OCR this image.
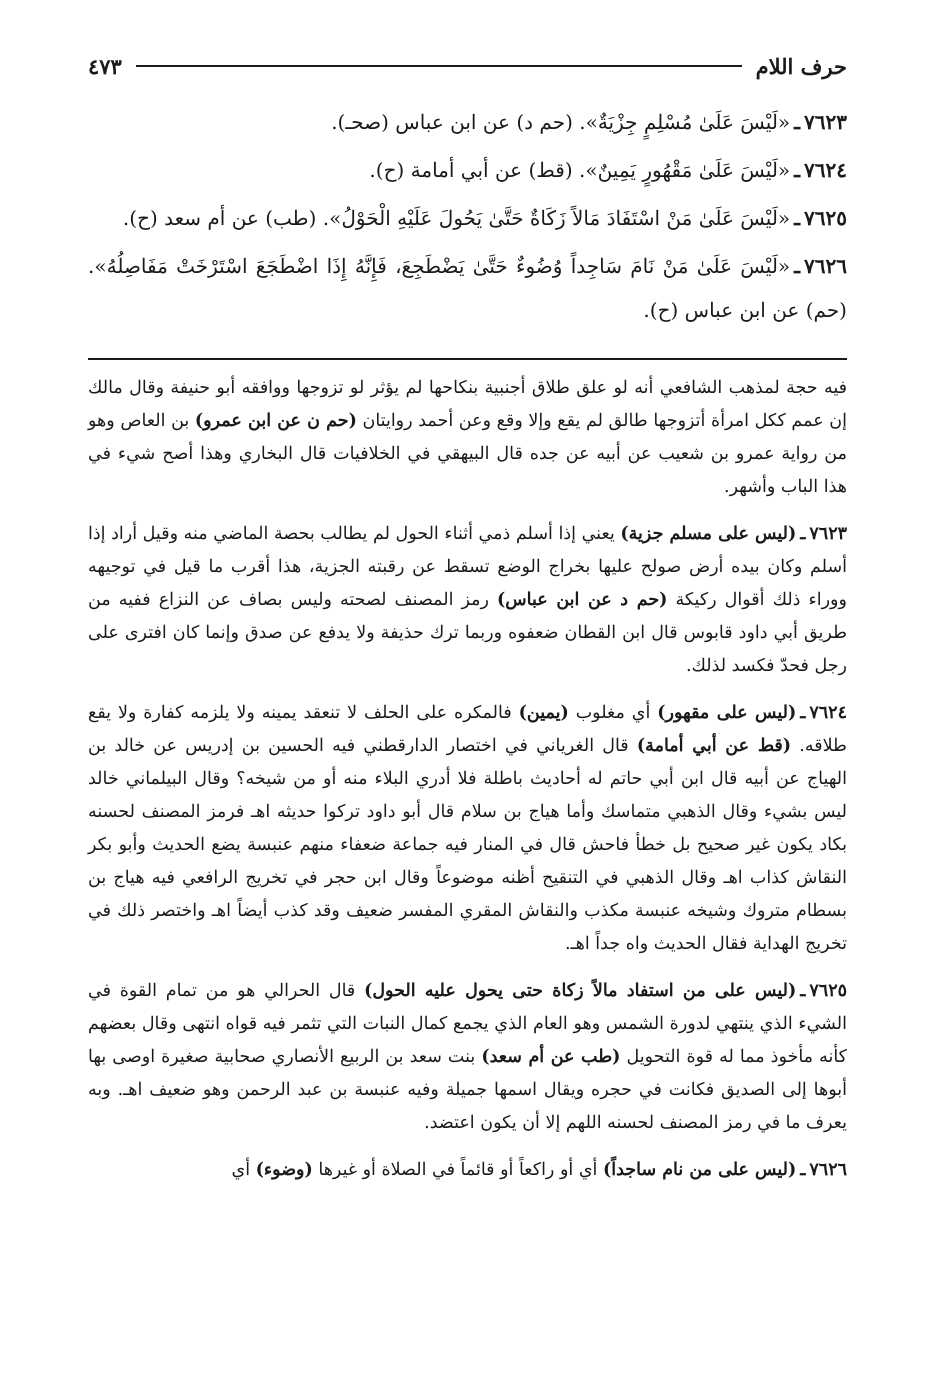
حرف اللام
٤٧٣

٧٦٢٣ـ«لَيْسَ عَلَىٰ مُسْلِمٍ جِزْيَةٌ». (حم د) عن ابن عباس (صحـ).

٧٦٢٤ـ«لَيْسَ عَلَىٰ مَقْهُورٍ يَمِينٌ». (قط) عن أبي أمامة (ح).

٧٦٢٥ـ«لَيْسَ عَلَىٰ مَنْ اسْتَفَادَ مَالاً زَكَاةٌ حَتَّىٰ يَحُولَ عَلَيْهِ الْحَوْلُ». (طب) عن أم سعد (ح).

٧٦٢٦ـ«لَيْسَ عَلَىٰ مَنْ نَامَ سَاجِداً وُضُوءٌ حَتَّىٰ يَضْطَجِعَ، فَإِنَّهُ إِذَا اضْطَجَعَ اسْتَرْخَتْ مَفَاصِلُهُ». (حم) عن ابن عباس (ح).

فيه حجة لمذهب الشافعي أنه لو علق طلاق أجنبية بنكاحها لم يؤثر لو تزوجها ووافقه أبو حنيفة وقال مالك إن عمم ككل امرأة أتزوجها طالق لم يقع وإلا وقع وعن أحمد روايتان (حم ن عن ابن عمرو) بن العاص وهو من رواية عمرو بن شعيب عن أبيه عن جده قال البيهقي في الخلافيات قال البخاري وهذا أصح شيء في هذا الباب وأشهر.

٧٦٢٣ـ(ليس على مسلم جزية) يعني إذا أسلم ذمي أثناء الحول لم يطالب بحصة الماضي منه وقيل أراد إذا أسلم وكان بيده أرض صولح عليها بخراج الوضع تسقط عن رقبته الجزية، هذا أقرب ما قيل في توجيهه ووراء ذلك أقوال ركيكة (حم د عن ابن عباس) رمز المصنف لصحته وليس بصاف عن النزاع ففيه من طريق أبي داود قابوس قال ابن القطان ضعفوه وربما ترك حذيفة ولا يدفع عن صدق وإنما كان افترى على رجل فحدّ فكسد لذلك.

٧٦٢٤ـ(ليس على مقهور) أي مغلوب (يمين) فالمكره على الحلف لا تنعقد يمينه ولا يلزمه كفارة ولا يقع طلاقه. (قط عن أبي أمامة) قال الغرياني في اختصار الدارقطني فيه الحسين بن إدريس عن خالد بن الهياج عن أبيه قال ابن أبي حاتم له أحاديث باطلة فلا أدري البلاء منه أو من شيخه؟ وقال البيلماني خالد ليس بشيء وقال الذهبي متماسك وأما هياج بن سلام قال أبو داود تركوا حديثه اهـ فرمز المصنف لحسنه بكاد يكون غير صحيح بل خطأ فاحش قال في المنار فيه جماعة ضعفاء منهم عنبسة يضع الحديث وأبو بكر النقاش كذاب اهـ وقال الذهبي في التنقيح أظنه موضوعاً وقال ابن حجر في تخريج الرافعي فيه هياج بن بسطام متروك وشيخه عنبسة مكذب والنقاش المقري المفسر ضعيف وقد كذب أيضاً اهـ واختصر ذلك في تخريج الهداية فقال الحديث واه جداً اهـ.

٧٦٢٥ـ(ليس على من استفاد مالاً زكاة حتى يحول عليه الحول) قال الحرالي هو من تمام القوة في الشيء الذي ينتهي لدورة الشمس وهو العام الذي يجمع كمال النبات التي تثمر فيه قواه انتهى وقال بعضهم كأنه مأخوذ مما له قوة التحويل (طب عن أم سعد) بنت سعد بن الربيع الأنصاري صحابية صغيرة اوصى بها أبوها إلى الصديق فكانت في حجره ويقال اسمها جميلة وفيه عنبسة بن عبد الرحمن وهو ضعيف اهـ. وبه يعرف ما في رمز المصنف لحسنه اللهم إلا أن يكون اعتضد.

٧٦٢٦ـ(ليس على من نام ساجداً) أي أو راكعاً أو قائماً في الصلاة أو غيرها (وضوء) أي
